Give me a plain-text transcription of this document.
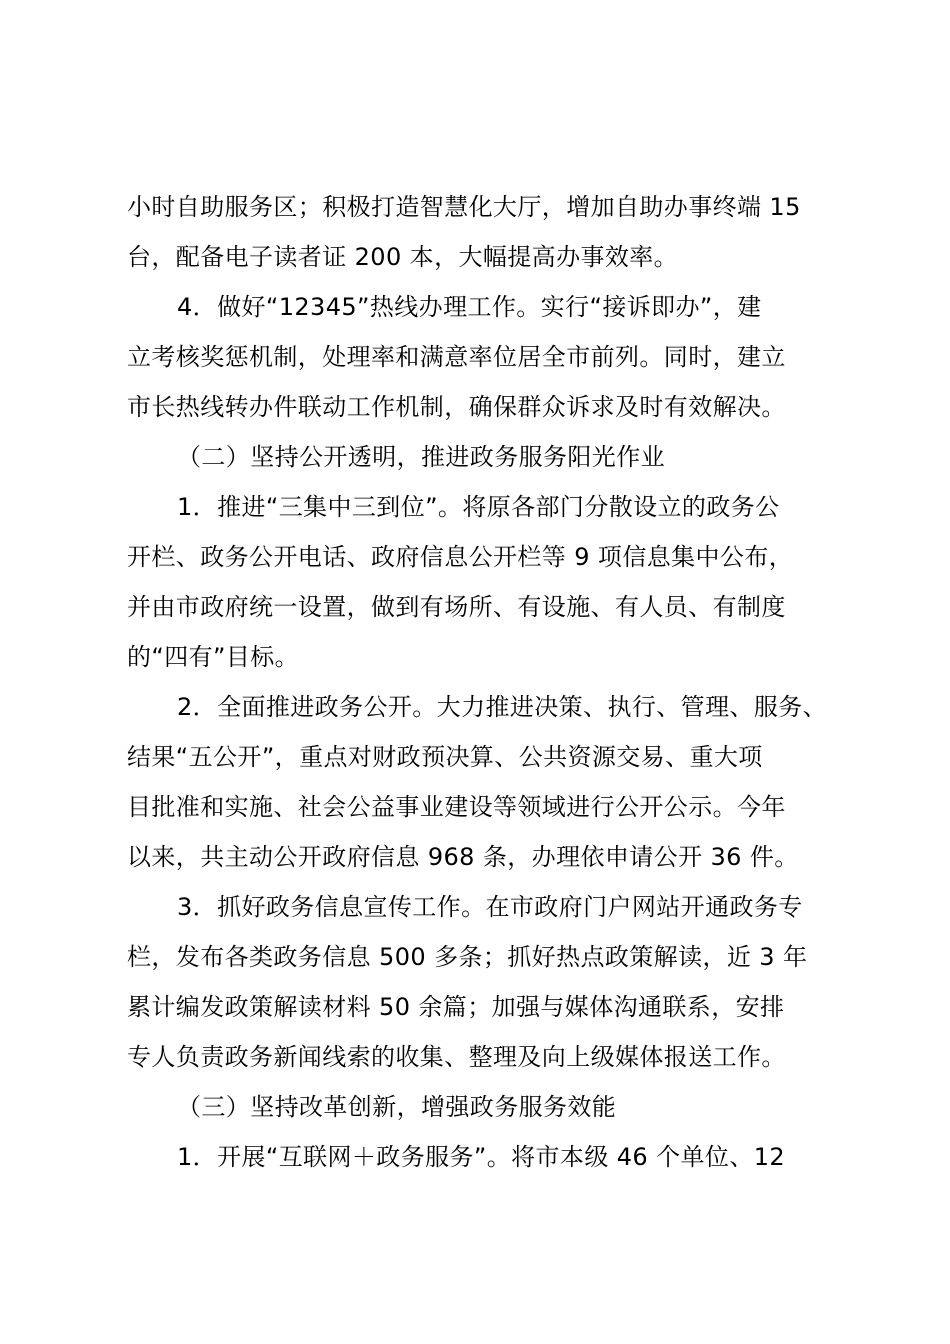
小时自助服务区；积极打造智慧化大厅，增加自助办事终端 15
台，配备电子读者证 200 本，大幅提高办事效率。
4．做好“12345”热线办理工作。实行“接诉即办”，建
立考核奖惩机制，处理率和满意率位居全市前列。同时，建立
市长热线转办件联动工作机制，确保群众诉求及时有效解决。
（二）坚持公开透明，推进政务服务阳光作业
1．推进“三集中三到位”。将原各部门分散设立的政务公
开栏、政务公开电话、政府信息公开栏等 9 项信息集中公布，
并由市政府统一设置，做到有场所、有设施、有人员、有制度
的“四有”目标。
2．全面推进政务公开。大力推进决策、执行、管理、服务、
结果“五公开”，重点对财政预决算、公共资源交易、重大项
目批准和实施、社会公益事业建设等领域进行公开公示。今年
以来，共主动公开政府信息 968 条，办理依申请公开 36 件。
3．抓好政务信息宣传工作。在市政府门户网站开通政务专
栏，发布各类政务信息 500 多条；抓好热点政策解读，近 3 年
累计编发政策解读材料 50 余篇；加强与媒体沟通联系，安排
专人负责政务新闻线索的收集、整理及向上级媒体报送工作。
（三）坚持改革创新，增强政务服务效能
1．开展“互联网＋政务服务”。将市本级 46 个单位、12
